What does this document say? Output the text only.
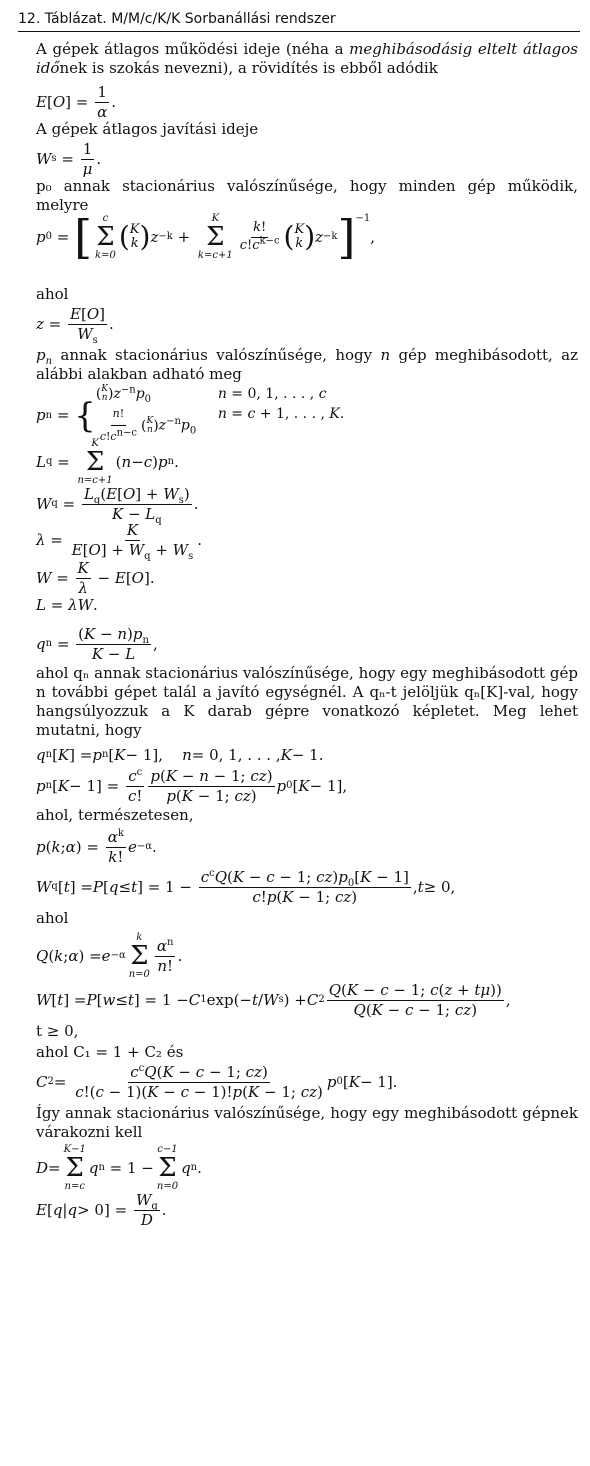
12. Táblázat. M/M/c/K/K Sorbanállási rendszer

A gépek átlagos működési ideje (néha a meghibásodásig eltelt átlagos időnek is szokás nevezni), a rövidítés is ebből adódik

E [ O ] = $\frac{1}{\alpha}$ .

A gépek átlagos javítási ideje

W $s = \frac{1}{\mu}$ .

p₀ annak stacionárius valószínűsége, hogy minden gép működik, melyre

p 0 = [ c
Σ
k=0
( K
k ) z −k +
K
Σ
k=c+1
$\frac{k!}{c!c^{k-c}}$ ( K
k ) z −k ]$^{-1}$
,

ahol

$z = \frac{E[O]}{W_s}$ .

$p_n$ annak stacionárius valószínűsége, hogy n gép meghibásodott, az alábbi alakban adható meg

p n = {
( K
n ) $z^{-n}p_0$	n = 0, 1, . . . , c
$\frac{n!}{c!c^{n-c}}$ ( K
n ) $z^{-n}p_0$
n = c + 1, . . . , K.
L q =
K
Σ
n=c+1
( n − c ) p n .
W $q = \frac{L_q(E[O] + W_s)}{K - L_q}$ .
$\lambda = \frac{K}{E[O] + W_q + W_s}$ .
$W = \frac{K}{\lambda} - E$ [ O ].
L = λW .
q $n = \frac{(K - n)p_n}{K - L}$ ,

ahol qₙ annak stacionárius valószínűsége, hogy egy meghibásodott gép n további gépet talál a javító egységnél. A qₙ-t jelöljük qₙ[K]-val, hogy hangsúlyozzuk a K darab gépre vonatkozó képletet. Meg lehet mutatni, hogy

q n [ K ] = p n [ K − 1], n = 0, 1, . . . , K − 1.
p n [ $K - 1] = \frac{c^c}{c!} \frac{p(K - n - 1; cz)}{p(K - 1; cz)}$ p 0 [ K − 1],

ahol, természetesen,

p ( k ; α ) = $\frac{\alpha^k}{k!}$ e −α .
W q [ t ] = P [ q ≤ t ] = $1 - \frac{c^cQ(K - c - 1; cz)p_0[K - 1]}{c!p(K - 1; cz)}$ , t ≥ 0,

ahol

Q ( k ; α ) = e −α
k
Σ
n=0
$\frac{\alpha^n}{n!}$ .
W [ t ] = P [ w ≤ t ] = 1 − C 1 exp(− t / W s ) + C $2 \frac{Q(K - c - 1; c(z + t\mu))}{Q(K - c - 1; cz)}$ ,

t ≥ 0,

ahol C₁ = 1 + C₂ és

C $2 = \frac{c^cQ(K - c - 1; cz)}{c!(c - 1)(K - c - 1)!p(K - 1; cz)}$ p 0 [ K − 1].

Így annak stacionárius valószínűsége, hogy egy meghibásodott gépnek várakozni kell

D =
K−1
Σ
n=c
q n = 1 −
c−1
Σ
n=0
q n .
E [ q | $q > 0] = \frac{W_q}{D}$ .
